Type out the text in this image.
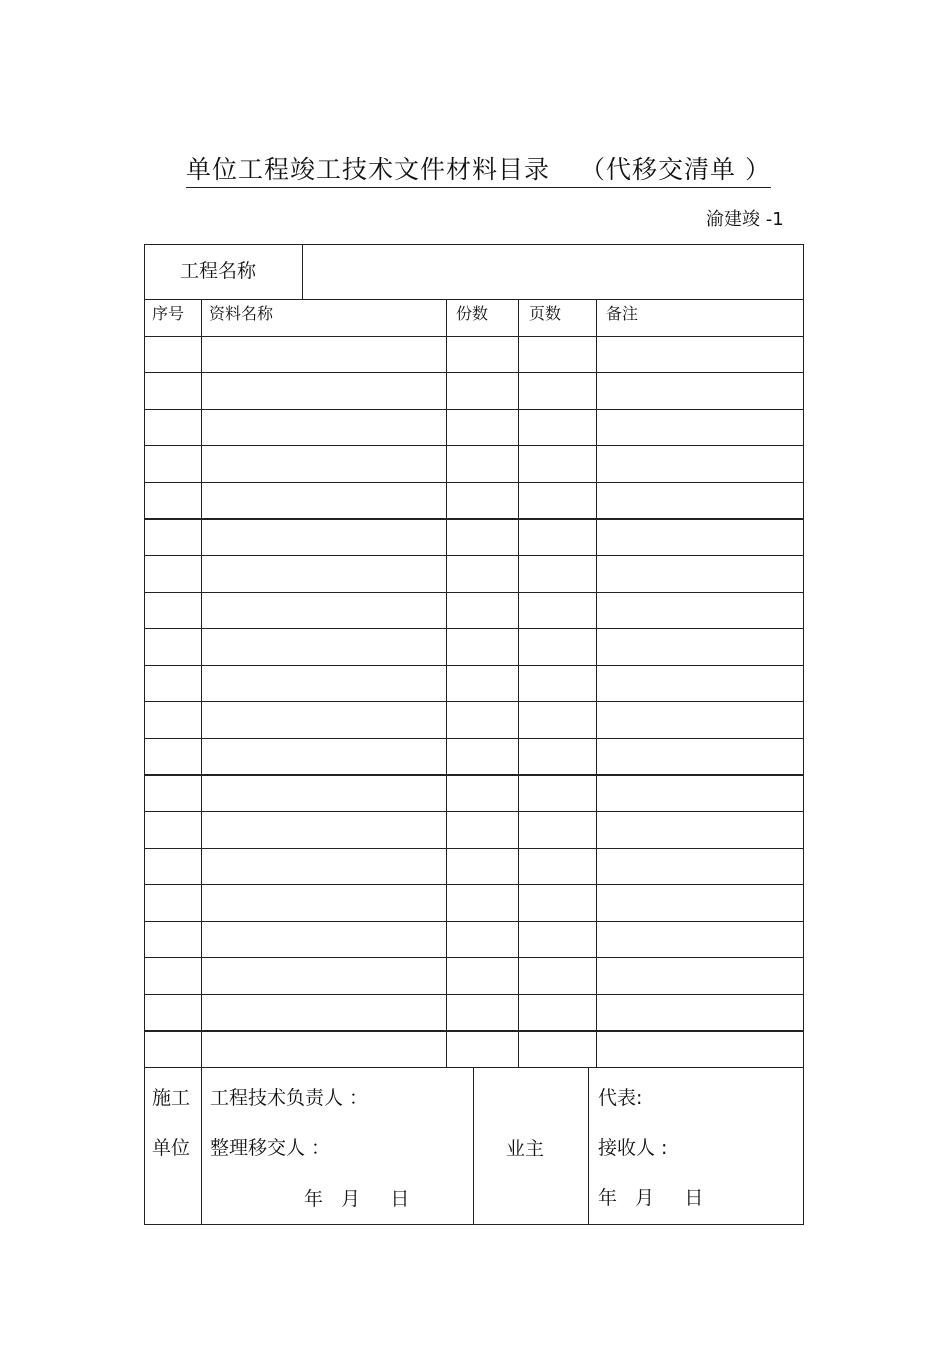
单位工程竣工技术文件材料目录 （代移交清单 ）
渝建竣 -1
工程名称
序号 资料名称	份数	页数	备注
施工
单位
工程技术负责人 ：
整理移交人 ：
年   月     日
业主
代表:
接收人 :
年   月     日
